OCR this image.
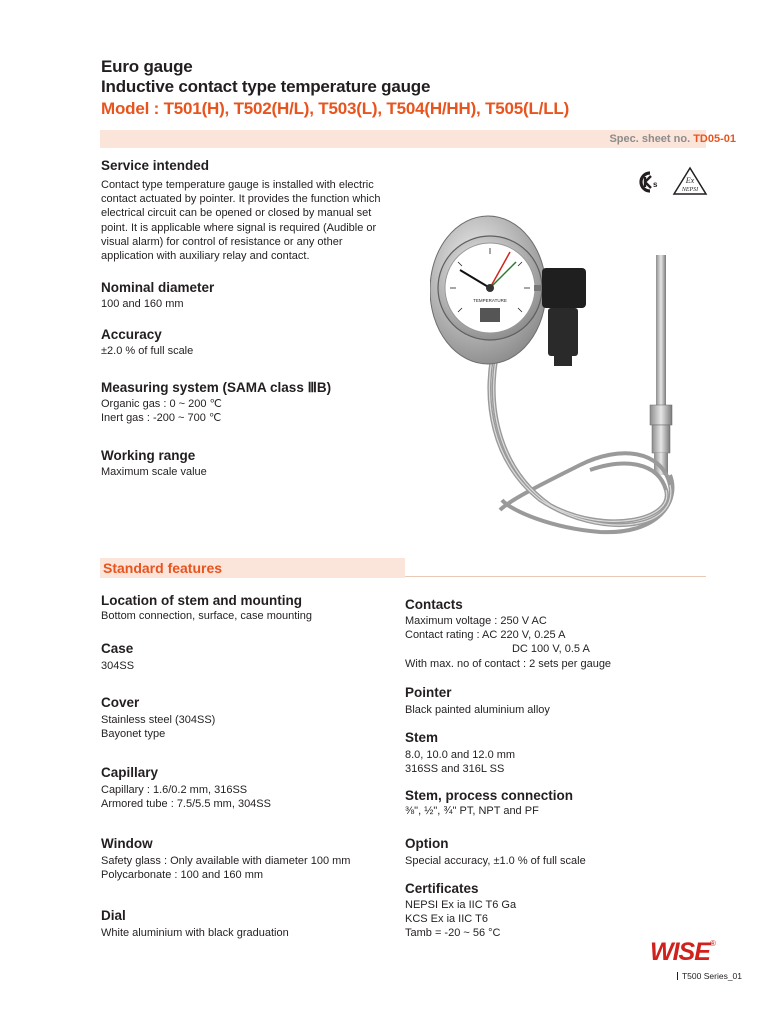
Euro gauge
Inductive contact type temperature gauge
Model : T501(H), T502(H/L), T503(L), T504(H/HH), T505(L/LL)
Spec. sheet no. TD05-01
s	Ex
NEPSI
Service intended
Contact type temperature gauge is installed with electric
contact actuated by pointer. It provides the function which
electrical circuit can be opened or closed by manual set
point. It is applicable where signal is required (Audible or
visual alarm) for control of resistance or any other
application with auxiliary relay and contact.
Nominal diameter
100 and 160 mm
Accuracy
±2.0 % of full scale
Measuring system (SAMA class ⅢB)
Organic gas : 0 ~ 200 ℃
Inert gas : -200 ~ 700 ℃
Working range
Maximum scale value
TEMPERATURE
Standard features
Location of stem and mounting
Bottom connection, surface, case mounting
Case
304SS
Cover
Stainless steel (304SS)
Bayonet type
Capillary
Capillary : 1.6/0.2 mm, 316SS
Armored tube : 7.5/5.5 mm, 304SS
Window
Safety glass : Only available with diameter 100 mm
Polycarbonate : 100 and 160 mm
Dial
White aluminium with black graduation
Contacts
Maximum voltage : 250 V AC
Contact rating : AC 220 V, 0.25 A
DC 100 V, 0.5 A
With max. no of contact : 2 sets per gauge
Pointer
Black painted aluminium alloy
Stem
8.0, 10.0 and 12.0 mm
316SS and 316L SS
Stem, process connection
⅜", ½", ¾" PT, NPT and PF
Option
Special accuracy, ±1.0 % of full scale
Certificates
NEPSI Ex ia IIC T6 Ga
KCS Ex ia IIC T6
Tamb = -20 ~ 56 °C
WISE ®
T500 Series_01
